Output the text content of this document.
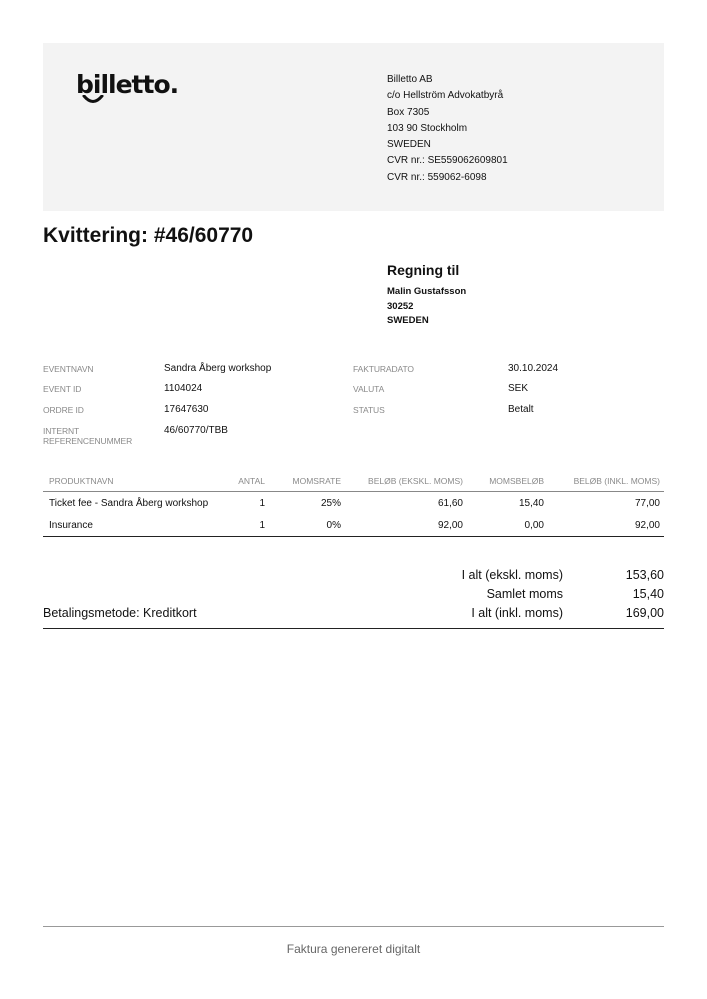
billetto.	Billetto AB
c/o Hellström Advokatbyrå
Box 7305
103 90 Stockholm
SWEDEN
CVR nr.: SE559062609801
CVR nr.: 559062-6098
Kvittering: #46/60770
Regning til
Malin Gustafsson
30252
SWEDEN
EVENTNAVN	Sandra Åberg workshop
EVENT ID	1104024
ORDRE ID	17647630
INTERNT REFERENCENUMMER
46/60770/TBB
FAKTURADATO	30.10.2024
VALUTA	SEK
STATUS	Betalt
PRODUKTNAVN	ANTAL	MOMSRATE	BELØB (EKSKL. MOMS)	MOMSBELØB	BELØB (INKL. MOMS)
Ticket fee - Sandra Åberg workshop	1	25%	61,60	15,40	77,00
Insurance	1	0%	92,00	0,00	92,00
I alt (ekskl. moms)	153,60
Samlet moms	15,40
I alt (inkl. moms)	169,00
Betalingsmetode: Kreditkort
Faktura genereret digitalt
